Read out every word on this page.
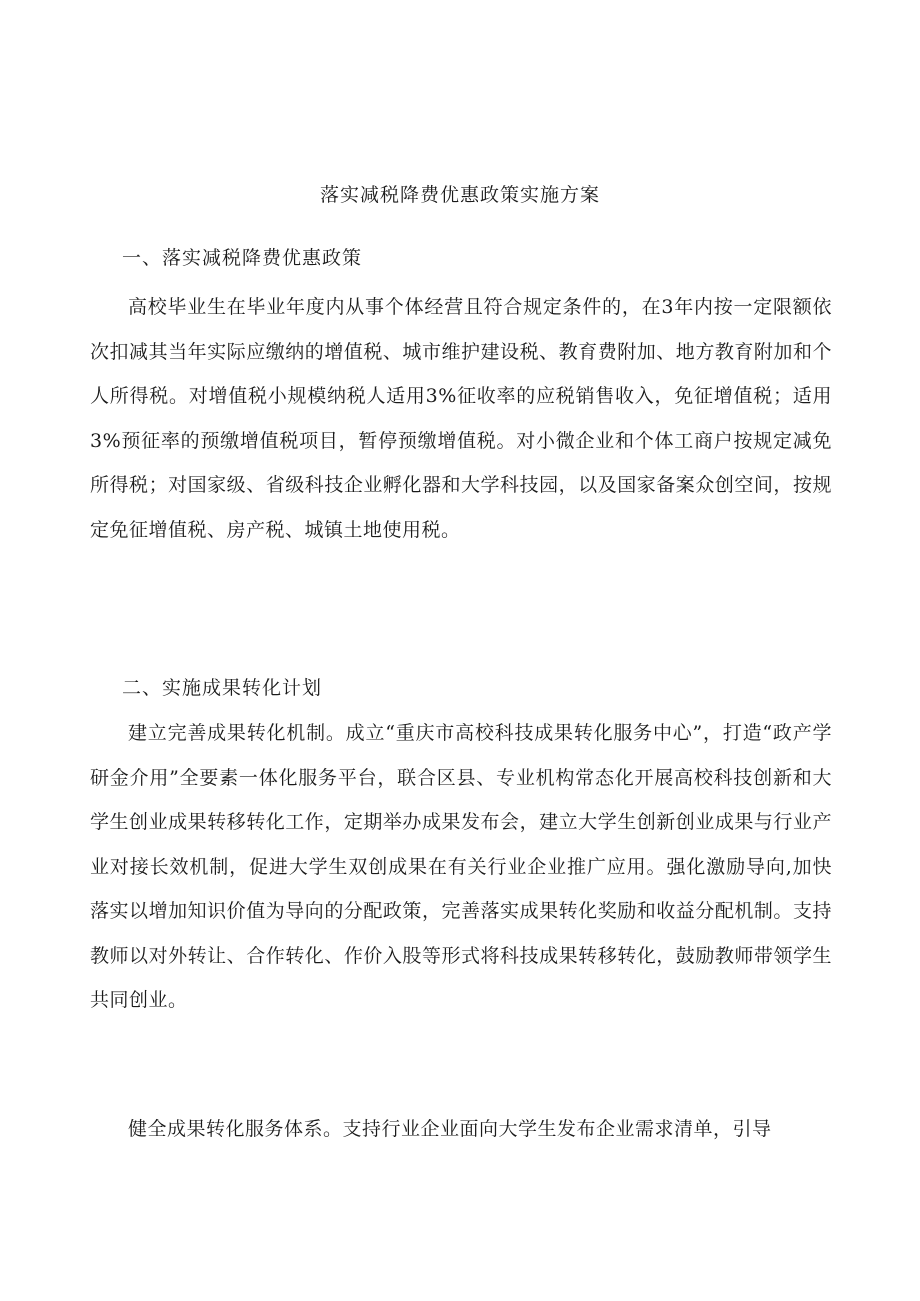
落实减税降费优惠政策实施方案
一、落实减税降费优惠政策

高校毕业生在毕业年度内从事个体经营且符合规定条件的，在3年内按一定限额依次扣减其当年实际应缴纳的增值税、城市维护建设税、教育费附加、地方教育附加和个人所得税。对增值税小规模纳税人适用3%征收率的应税销售收入，免征增值税；适用3%预征率的预缴增值税项目，暂停预缴增值税。对小微企业和个体工商户按规定减免所得税；对国家级、省级科技企业孵化器和大学科技园，以及国家备案众创空间，按规定免征增值税、房产税、城镇土地使用税。

二、实施成果转化计划

建立完善成果转化机制。成立“重庆市高校科技成果转化服务中心”，打造“政产学研金介用”全要素一体化服务平台，联合区县、专业机构常态化开展高校科技创新和大学生创业成果转移转化工作，定期举办成果发布会，建立大学生创新创业成果与行业产业对接长效机制，促进大学生双创成果在有关行业企业推广应用。强化激励导向,加快落实以增加知识价值为导向的分配政策，完善落实成果转化奖励和收益分配机制。支持教师以对外转让、合作转化、作价入股等形式将科技成果转移转化，鼓励教师带领学生共同创业。

健全成果转化服务体系。支持行业企业面向大学生发布企业需求清单，引导
